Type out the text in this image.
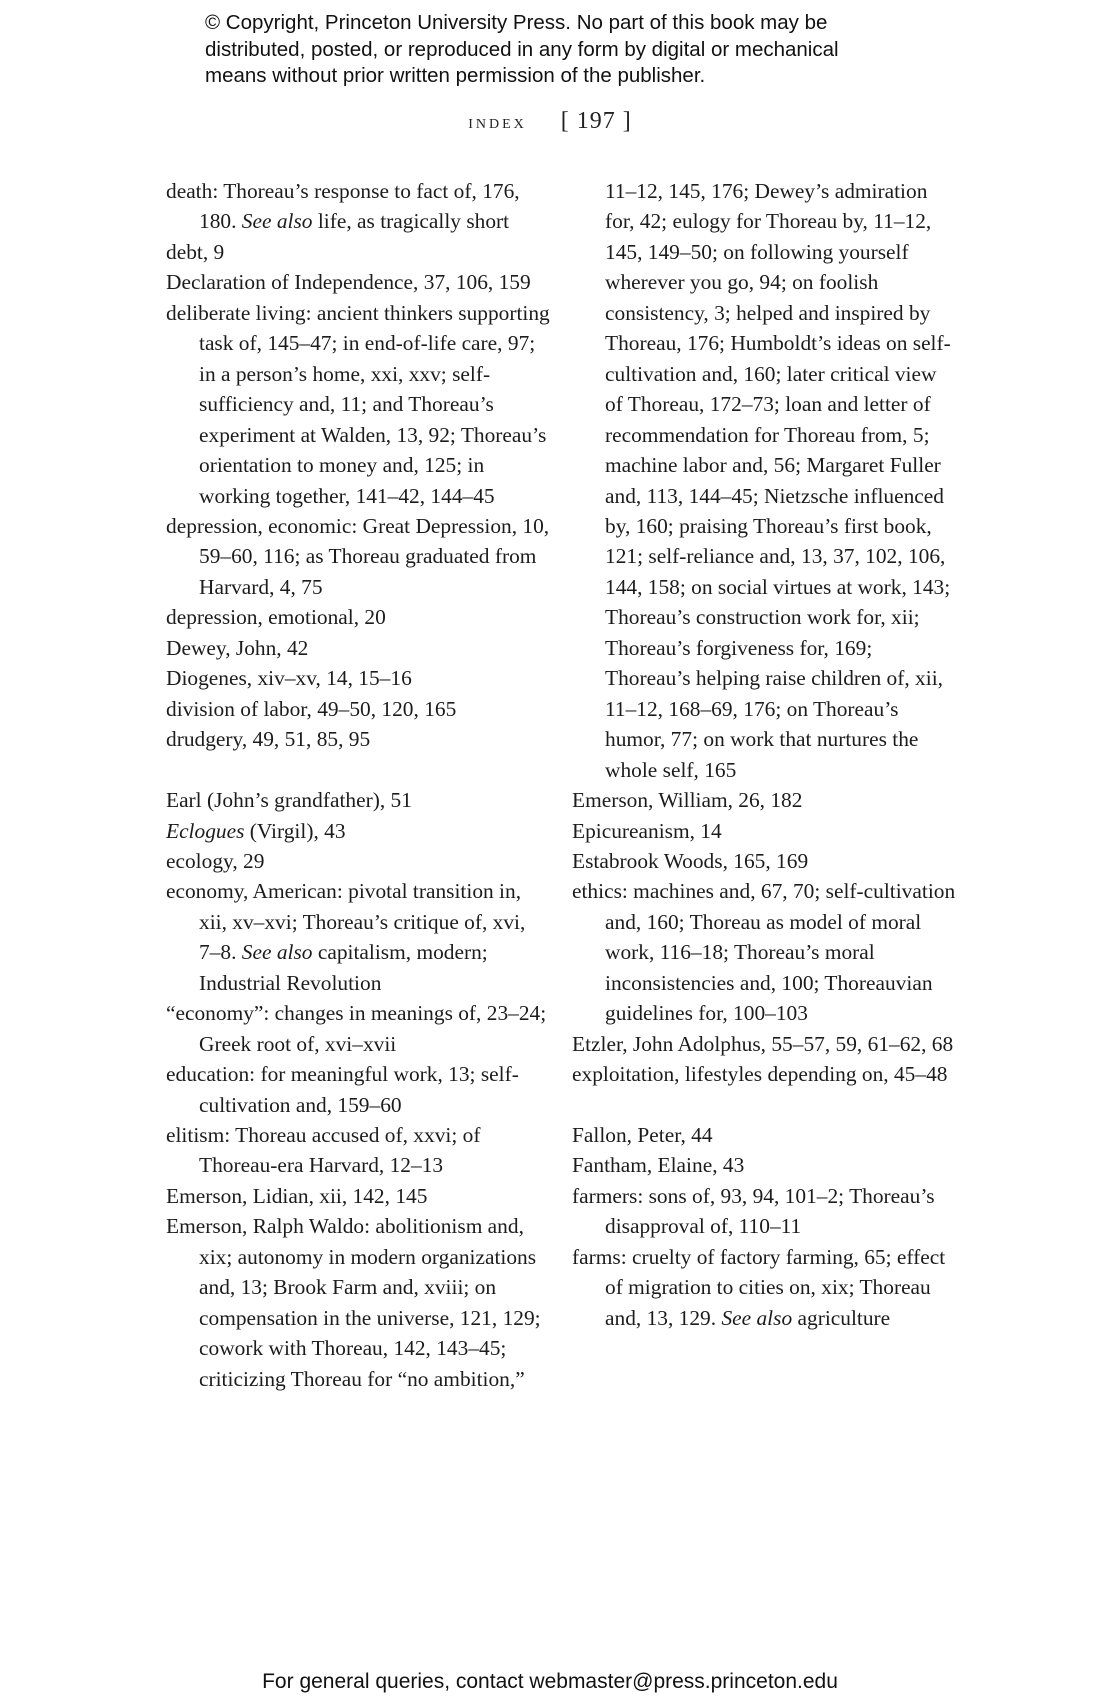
© Copyright, Princeton University Press. No part of this book may be
distributed, posted, or reproduced in any form by digital or mechanical
means without prior written permission of the publisher.
index [ 197 ]
death: Thoreau’s response to fact of, 176, 180. See also life, as tragically short
debt, 9
Declaration of Independence, 37, 106, 159
deliberate living: ancient thinkers supporting task of, 145–47; in end-of-life care, 97; in a person’s home, xxi, xxv; self-sufficiency and, 11; and Thoreau’s experiment at Walden, 13, 92; Thoreau’s orientation to money and, 125; in working together, 141–42, 144–45
depression, economic: Great Depression, 10, 59–60, 116; as Thoreau graduated from Harvard, 4, 75
depression, emotional, 20
Dewey, John, 42
Diogenes, xiv–xv, 14, 15–16
division of labor, 49–50, 120, 165
drudgery, 49, 51, 85, 95
Earl (John’s grandfather), 51
Eclogues (Virgil), 43
ecology, 29
economy, American: pivotal transition in, xii, xv–xvi; Thoreau’s critique of, xvi, 7–8. See also capitalism, modern; Industrial Revolution
“economy”: changes in meanings of, 23–24; Greek root of, xvi–xvii
education: for meaningful work, 13; self-cultivation and, 159–60
elitism: Thoreau accused of, xxvi; of Thoreau-era Harvard, 12–13
Emerson, Lidian, xii, 142, 145
Emerson, Ralph Waldo: abolitionism and, xix; autonomy in modern organizations and, 13; Brook Farm and, xviii; on compensation in the universe, 121, 129; cowork with Thoreau, 142, 143–45; criticizing Thoreau for “no ambition,”
11–12, 145, 176; Dewey’s admiration for, 42; eulogy for Thoreau by, 11–12, 145, 149–50; on following yourself wherever you go, 94; on foolish consistency, 3; helped and inspired by Thoreau, 176; Humboldt’s ideas on self-cultivation and, 160; later critical view of Thoreau, 172–73; loan and letter of recommendation for Thoreau from, 5; machine labor and, 56; Margaret Fuller and, 113, 144–45; Nietzsche influenced by, 160; praising Thoreau’s first book, 121; self-reliance and, 13, 37, 102, 106, 144, 158; on social virtues at work, 143; Thoreau’s construction work for, xii; Thoreau’s forgiveness for, 169; Thoreau’s helping raise children of, xii, 11–12, 168–69, 176; on Thoreau’s humor, 77; on work that nurtures the whole self, 165
Emerson, William, 26, 182
Epicureanism, 14
Estabrook Woods, 165, 169
ethics: machines and, 67, 70; self-cultivation and, 160; Thoreau as model of moral work, 116–18; Thoreau’s moral inconsistencies and, 100; Thoreauvian guidelines for, 100–103
Etzler, John Adolphus, 55–57, 59, 61–62, 68
exploitation, lifestyles depending on, 45–48
Fallon, Peter, 44
Fantham, Elaine, 43
farmers: sons of, 93, 94, 101–2; Thoreau’s disapproval of, 110–11
farms: cruelty of factory farming, 65; effect of migration to cities on, xix; Thoreau and, 13, 129. See also agriculture
For general queries, contact webmaster@press.princeton.edu
